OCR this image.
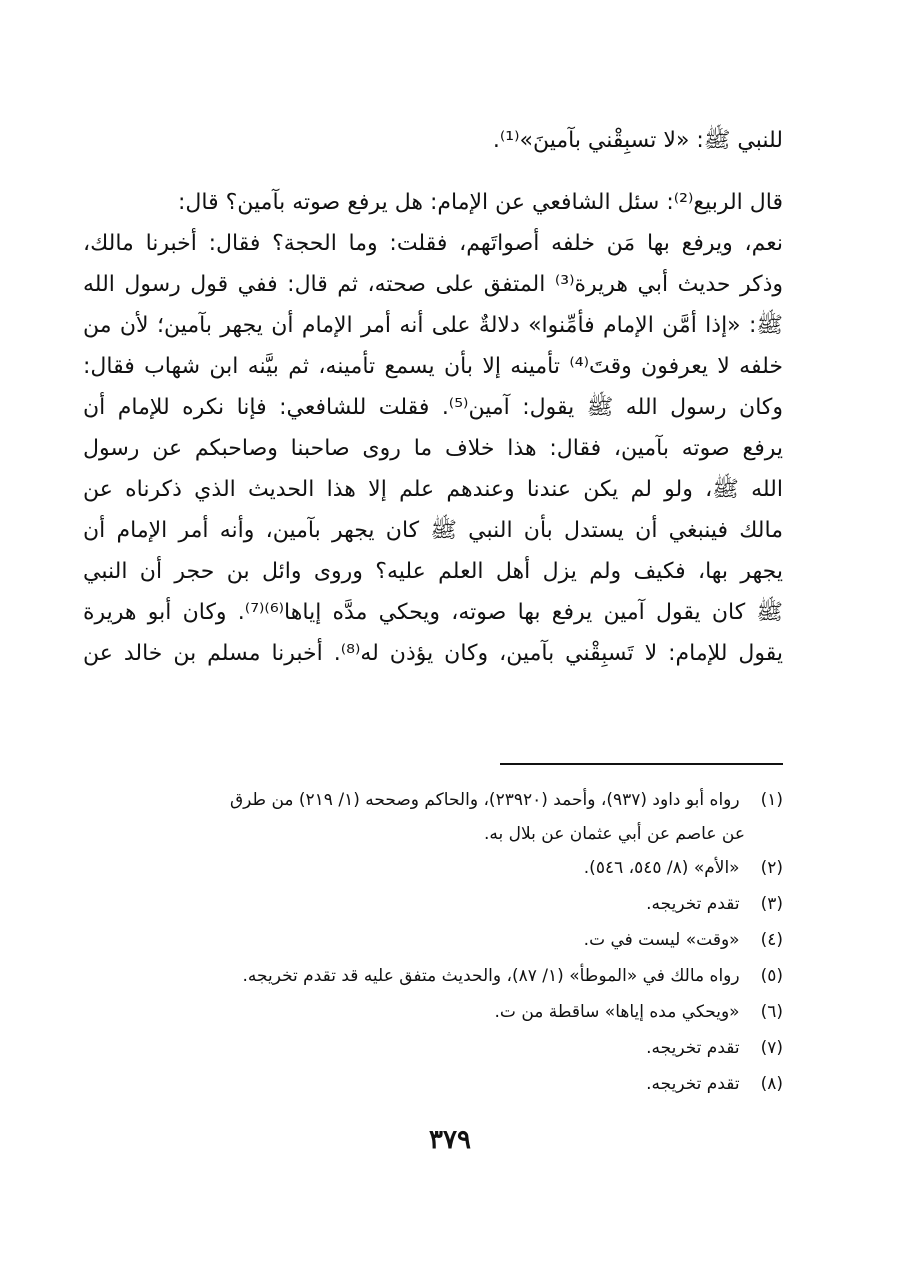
للنبي ﷺ: «لا تسبِقْني بآمينَ»⁽¹⁾.
قال الربيع⁽²⁾: سئل الشافعي عن الإمام: هل يرفع صوته بآمين؟ قال:
نعم، ويرفع بها مَن خلفه أصواتَهم، فقلت: وما الحجة؟ فقال: أخبرنا مالك،
وذكر حديث أبي هريرة⁽³⁾ المتفق على صحته، ثم قال: ففي قول رسول الله
ﷺ: «إذا أمَّن الإمام فأمِّنوا» دلالةٌ على أنه أمر الإمام أن يجهر بآمين؛ لأن من
خلفه لا يعرفون وقتَ⁽⁴⁾ تأمينه إلا بأن يسمع تأمينه، ثم بيَّنه ابن شهاب فقال:
وكان رسول الله ﷺ يقول: آمين⁽⁵⁾. فقلت للشافعي: فإنا نكره للإمام أن
يرفع صوته بآمين، فقال: هذا خلاف ما روى صاحبنا وصاحبكم عن رسول
الله ﷺ، ولو لم يكن عندنا وعندهم علم إلا هذا الحديث الذي ذكرناه عن
مالك فينبغي أن يستدل بأن النبي ﷺ كان يجهر بآمين، وأنه أمر الإمام أن
يجهر بها، فكيف ولم يزل أهل العلم عليه؟ وروى وائل بن حجر أن النبي
ﷺ كان يقول آمين يرفع بها صوته، ويحكي مدَّه إياها⁽⁶⁾⁽⁷⁾. وكان أبو هريرة
يقول للإمام: لا تَسبِقْني بآمين، وكان يؤذن له⁽⁸⁾. أخبرنا مسلم بن خالد عن
(١) رواه أبو داود (٩٣٧)، وأحمد (٢٣٩٢٠)، والحاكم وصححه (١/ ٢١٩) من طرق
عن عاصم عن أبي عثمان عن بلال به.
(٢) «الأم» (٨/ ٥٤٥، ٥٤٦).
(٣) تقدم تخريجه.
(٤) «وقت» ليست في ت.
(٥) رواه مالك في «الموطأ» (١/ ٨٧)، والحديث متفق عليه قد تقدم تخريجه.
(٦) «ويحكي مده إياها» ساقطة من ت.
(٧) تقدم تخريجه.
(٨) تقدم تخريجه.
٣٧٩
